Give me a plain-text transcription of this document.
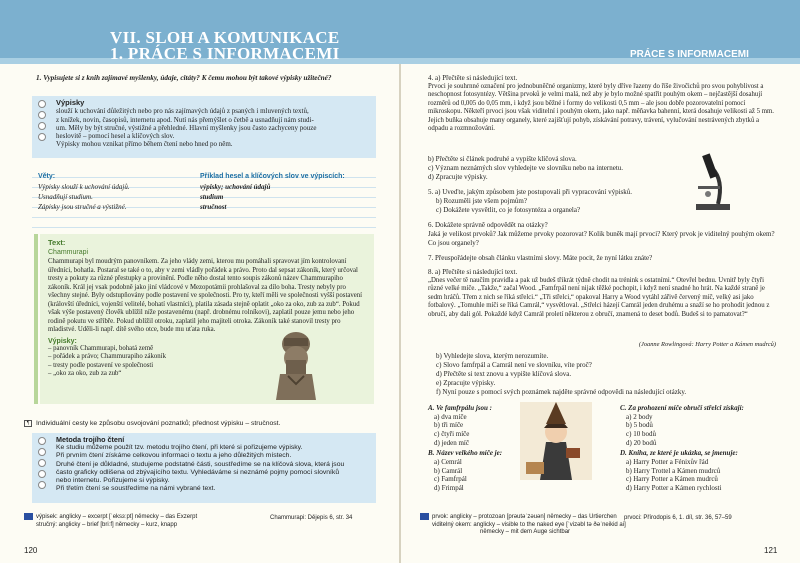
VII. SLOH A KOMUNIKACE
1. PRÁCE S INFORMACEMI	PRÁCE S INFORMACEMI

1. Vypisujete si z knih zajímavé myšlenky, údaje, citáty? K čemu mohou být takové výpisky užitečné?

Výpisky

slouží k uchování důležitých nebo pro nás zajímavých údajů z psaných i mluvených textů,

z knížek, novin, časopisů, internetu apod. Nutí nás přemýšlet o četbě a usnadňují nám studi-

um. Měly by být stručné, výstižné a přehledné. Hlavní myšlenky jsou často zachyceny pouze

heslovitě – pomocí hesel a klíčových slov.

Výpisky mohou vznikat přímo během čtení nebo hned po něm.

Věty:	Příklad hesel a klíčových slov ve výpiscích:
Výpisky slouží k uchování údajů.	výpisky; uchování údajů
Usnadňují studium.	studium
Zápisky jsou stručné a výstižné.	stručnost

Text:

Chammurapi

Chammurapi byl moudrým panovníkem. Za jeho vlády zemi, kterou mu pomáhali spravovat jím kontrolovaní úředníci, bohatla. Postaral se také o to, aby v zemi vládly pořádek a právo. Proto dal sepsat zákoník, který určoval tresty a pokuty za různé přestupky a provinění. Podle něho dostal tento soupis zákonů název Chammurapiho zákoník. Král jej vsak podobně jako jiní vládcové v Mezopotámii prohlašoval za dílo boha. Tresty nebyly pro všechny stejné. Byly odstupňovány podle postavení ve společnosti. Pro ty, kteří měli ve společnosti vyšší postavení (královští úředníci, vojenští velitelé, bohatí vlastníci), platila zásada stejně oplatit „oko za oko, zub za zub“. Pokud však výše postavený člověk ublížil níže postavenému (např. drobnému rolníkovi), zaplatil pouze jemu nebo jeho rodině pokutu ve stříbře. Pokud ublížil otroku, zaplatil jeho majiteli otroka. Zákoník také stanovil tresty pro mladistvé. Uděli-li např. dítě svého otce, bude mu uťata ruka.

Výpisky:

– panovník Chammurapi, bohatá země
– pořádek a právo; Chammurapiho zákoník
– tresty podle postavení ve společnosti
– „oko za oko, zub za zub“
¶	Individuální cesty ke způsobu osvojování poznatků; přednost výpisku – stručnost.

Metoda trojího čtení

Ke studiu můžeme použít tzv. metodu trojího čtení, při které si pořizujeme výpisky.

Při prvním čtení získáme celkovou informaci o textu a jeho důležitých místech.

Druhé čtení je důkladné, studujeme podstatné části, soustředíme se na klíčová slova, která jsou

často graficky odlišena od zbývajícího textu. Vyhledáváme si neznámé pojmy pomocí slovníků

nebo internetu. Pořizujeme si výpisky.

Při třetím čtení se soustředíme na námi vybrané text.

výpisek: anglicky – excerpt [ˈeksɜːpt] německy – das Exzerpt
stručný: anglicky – brief [briːf] německy – kurz, knapp
Chammurapi: Dějepis 6, str. 34
120

4. a) Přečtěte si následující text.

Prvoci je souhrnné označení pro jednobuněčné organizmy, které byly dříve řazeny do říše živočichů pro svou pohyblivost a neschopnost fotosyntézy. Většina prvoků je velmi malá, než aby je bylo možné spatřit pouhým okem – nejčastější dosahují rozměrů od 0,005 do 0,05 mm, i když jsou běžné i formy do velikosti 0,5 mm – ale jsou dobře pozorovatelní pomocí mikroskopu. Někteří prvoci jsou však viditelní i pouhým okem, jako např. měňavka bahenní, která dosahuje velikosti až 5 mm. Jejich buňka obsahuje many organely, které zajišťují pohyb, získávání potravy, trávení, vylučování nestrávených zbytků a odpadu a rozmnožování.

b) Přečtěte si článek podruhé a vypište klíčová slova.

c) Význam neznámých slov vyhledejte ve slovníku nebo na internetu.

d) Zpracujte výpisky.

5. a) Uveďte, jakým způsobem jste postupovali při vypracování výpisků.

b) Rozuměli jste všem pojmům?

c) Dokážete vysvětlit, co je fotosyntéza a organela?

6. Dokážete správně odpovědět na otázky?

Jaká je velikost prvoků? Jak můžeme prvoky pozorovat? Kolik buněk mají prvoci? Který prvok je viditelný pouhým okem? Co jsou organely?

7. Přeuspořádejte obsah článku vlastními slovy. Máte pocit, že nyní látku znáte?

8. a) Přečtěte si následující text.

„Dnes večer tě naučím pravidla a pak už budeš třikrát týdně chodit na trénink s ostatními.“ Otevřel bednu. Uvnitř byly čtyři různé velké míče. „Takže,“ začal Wood. „Famfrpál není nijak těžké pochopit, i když není snadné ho hrát. Na každé straně je sedm hráčů. Třem z nich se říká střelci.“ „Tři střelci,“ opakoval Harry a Wood vytáhl zářivě červený míč, velký asi jako fotbalový. „Tomuhle míči se říká Camrál,“ vysvětloval. „Střelci házejí Camrál jeden druhému a snaží se ho prohodit jednou z obručí, aby dali gól. Pokaždé když Camrál proletí některou z obručí, znamená to deset bodů. Budeš si to pamatovat?“

(Joanne Rowlingová: Harry Potter a Kámen mudrců)

b) Vyhledejte slova, kterým nerozumíte.

c) Slovo famfrpál a Camrál není ve slovníku, víte proč?

d) Přečtěte si text znovu a vypište klíčová slova.

e) Zpracujte výpisky.

f) Nyní pouze s pomocí svých poznámek najděte správné odpovědi na následující otázky.

A. Ve famfrpálu jsou :

a) dva míče

b) tři míče

c) čtyři míče

d) jeden míč

B. Název velkého míče je:

a) Cemrál

b) Camrál

c) Famfrpál

d) Frimpál

C. Za prohození míče obručí střelci získají:

a) 2 body

b) 5 bodů

c) 10 bodů

d) 20 bodů

D. Kniha, ze které je ukázka, se jmenuje:

a) Harry Potter a Fénixův řád

b) Harry Trottel a Kámen mudrců

c) Harry Potter a Kámen mudrců

d) Harry Potter a Kámen rychlosti

prvok: anglicky – protozoan [prəutəˈzəuən] německy – das Urtierchen
viditelný okem: anglicky – visible to the naked eye [ˈvizəbl tə ðəˈneikid ai]
německy – mit dem Auge sichtbar
prvoci: Přírodopis 6, 1. díl, str. 36, 57–59
121
